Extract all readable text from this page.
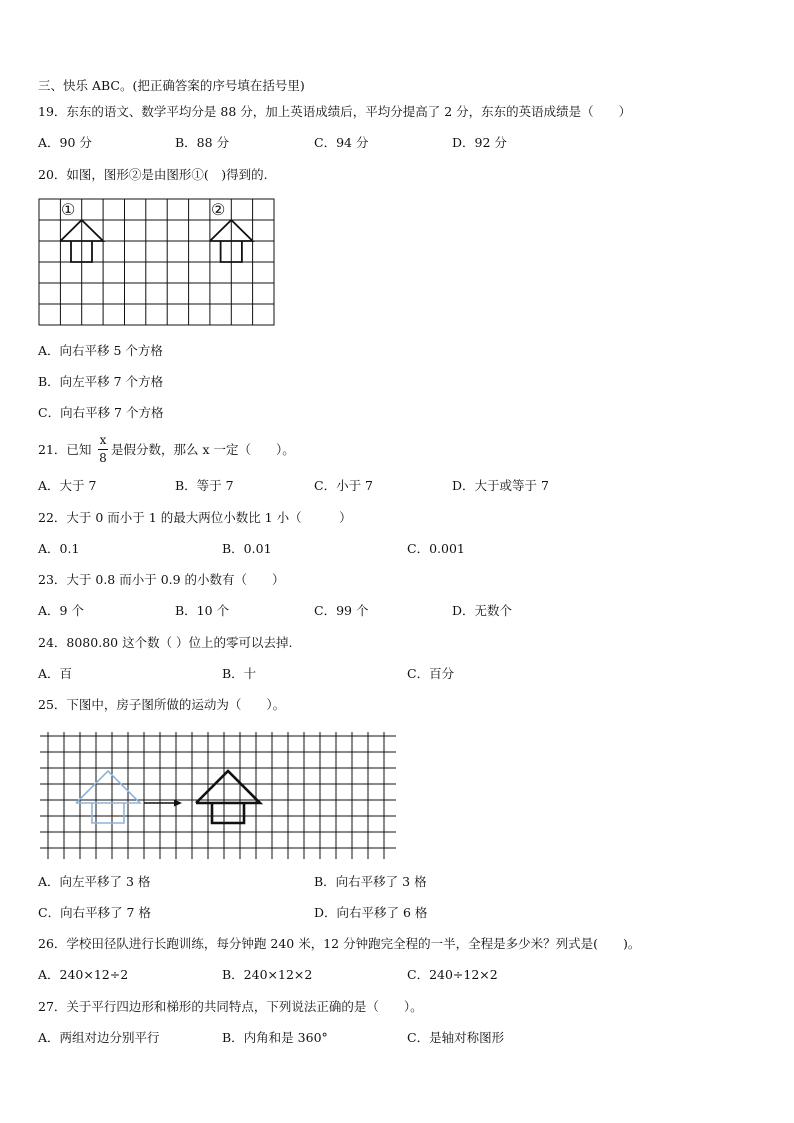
三、快乐 ABC。(把正确答案的序号填在括号里)
19．东东的语文、数学平均分是 88 分，加上英语成绩后，平均分提高了 2 分，东东的英语成绩是（　　）
A．90 分	B．88 分	C．94 分	D．92 分
20．如图，图形②是由图形①(　)得到的.
①	②
A．向右平移 5 个方格
B．向左平移 7 个方格
C．向右平移 7 个方格
21．已知
x
8
是假分数，那么 x 一定（　　）。
A．大于 7	B．等于 7	C．小于 7	D．大于或等于 7
22．大于 0 而小于 1 的最大两位小数比 1 小（　　　）
A．0.1	B．0.01	C．0.001
23．大于 0.8 而小于 0.9 的小数有（　　）
A．9 个	B．10 个	C．99 个	D．无数个
24．8080.80 这个数（ ）位上的零可以去掉.
A．百	B．十	C．百分
25．下图中，房子图所做的运动为（　　）。
A．向左平移了 3 格	B．向右平移了 3 格
C．向右平移了 7 格	D．向右平移了 6 格
26．学校田径队进行长跑训练，每分钟跑 240 米，12 分钟跑完全程的一半，全程是多少米？列式是(　　)。
A．240×12÷2	B．240×12×2	C．240÷12×2
27．关于平行四边形和梯形的共同特点，下列说法正确的是（　　）。
A．两组对边分别平行	B．内角和是 360°	C．是轴对称图形
